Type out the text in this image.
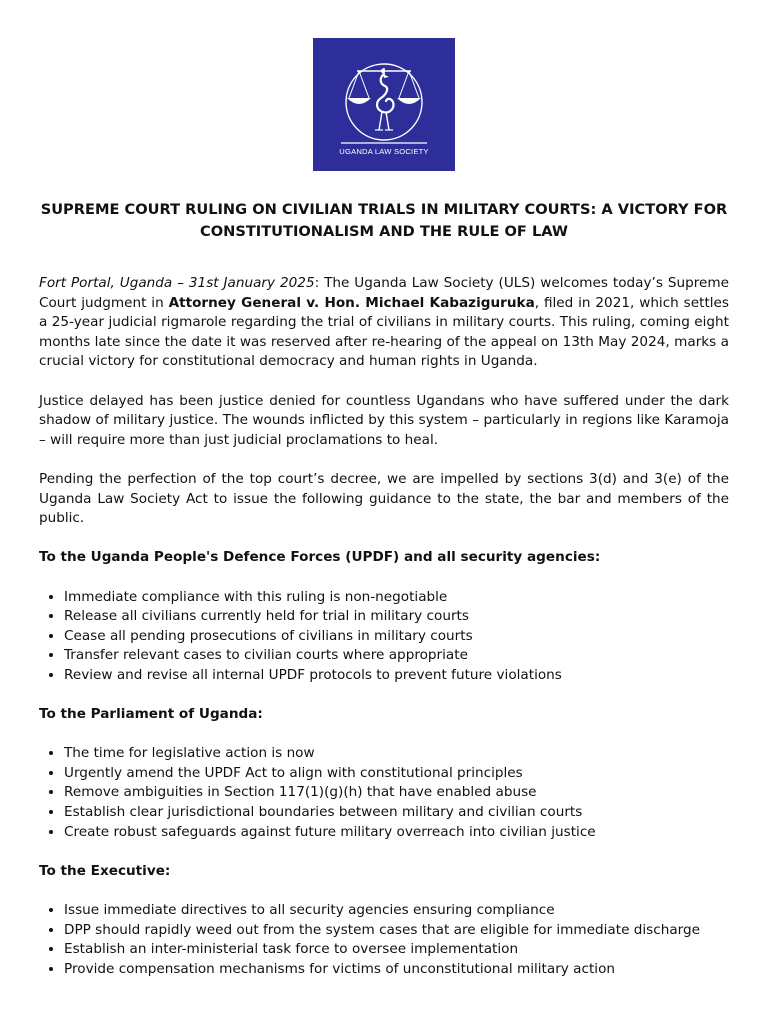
UGANDA LAW SOCIETY
SUPREME COURT RULING ON CIVILIAN TRIALS IN MILITARY COURTS: A VICTORY FOR CONSTITUTIONALISM AND THE RULE OF LAW

Fort Portal, Uganda – 31st January 2025: The Uganda Law Society (ULS) welcomes today’s Supreme Court judgment in Attorney General v. Hon. Michael Kabaziguruka, filed in 2021, which settles a 25-year judicial rigmarole regarding the trial of civilians in military courts. This ruling, coming eight months late since the date it was reserved after re-hearing of the appeal on 13th May 2024, marks a crucial victory for constitutional democracy and human rights in Uganda.

Justice delayed has been justice denied for countless Ugandans who have suffered under the dark shadow of military justice. The wounds inflicted by this system – particularly in regions like Karamoja – will require more than just judicial proclamations to heal.

Pending the perfection of the top court’s decree, we are impelled by sections 3(d) and 3(e) of the Uganda Law Society Act to issue the following guidance to the state, the bar and members of the public.

To the Uganda People's Defence Forces (UPDF) and all security agencies:

• Immediate compliance with this ruling is non-negotiable
• Release all civilians currently held for trial in military courts
• Cease all pending prosecutions of civilians in military courts
• Transfer relevant cases to civilian courts where appropriate
• Review and revise all internal UPDF protocols to prevent future violations

To the Parliament of Uganda:

• The time for legislative action is now
• Urgently amend the UPDF Act to align with constitutional principles
• Remove ambiguities in Section 117(1)(g)(h) that have enabled abuse
• Establish clear jurisdictional boundaries between military and civilian courts
• Create robust safeguards against future military overreach into civilian justice

To the Executive:

• Issue immediate directives to all security agencies ensuring compliance
• DPP should rapidly weed out from the system cases that are eligible for immediate discharge
• Establish an inter-ministerial task force to oversee implementation
• Provide compensation mechanisms for victims of unconstitutional military action
